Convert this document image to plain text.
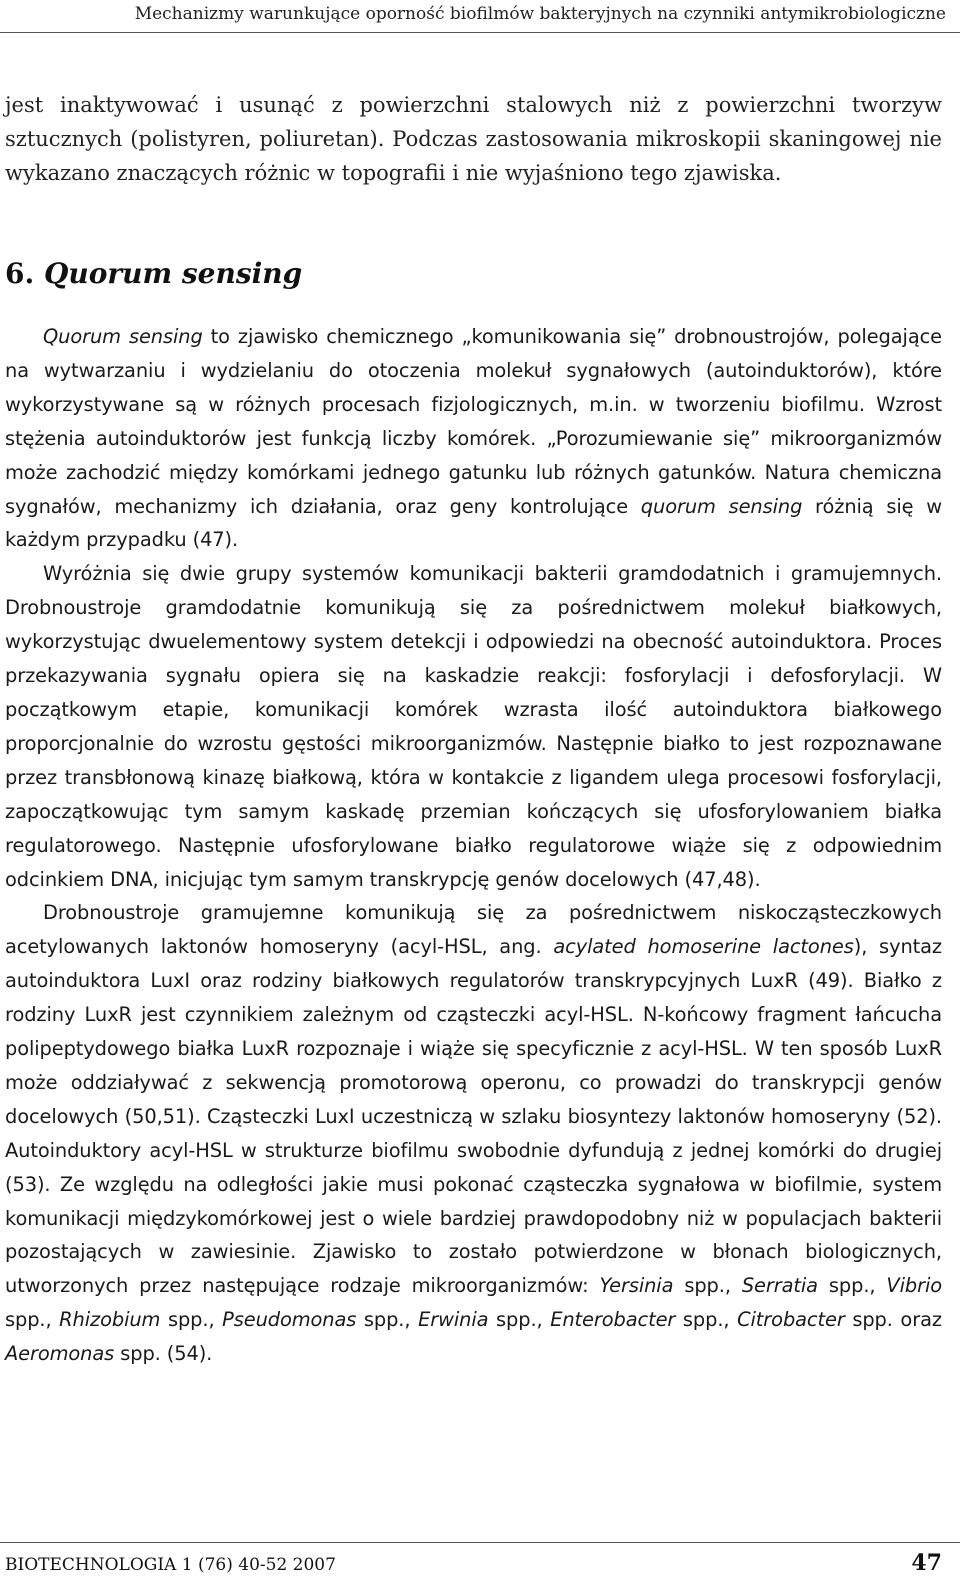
Mechanizmy warunkujące oporność biofilmów bakteryjnych na czynniki antymikrobiologiczne

jest inaktywować i usunąć z powierzchni stalowych niż z powierzchni tworzyw sztucznych (polistyren, poliuretan). Podczas zastosowania mikroskopii skaningowej nie wykazano znaczących różnic w topografii i nie wyjaśniono tego zjawiska.

6. Quorum sensing

Quorum sensing to zjawisko chemicznego „komunikowania się” drobnoustrojów, polegające na wytwarzaniu i wydzielaniu do otoczenia molekuł sygnałowych (autoinduktorów), które wykorzystywane są w różnych procesach fizjologicznych, m.in. w tworzeniu biofilmu. Wzrost stężenia autoinduktorów jest funkcją liczby komórek. „Porozumiewanie się” mikroorganizmów może zachodzić między komórkami jednego gatunku lub różnych gatunków. Natura chemiczna sygnałów, mechanizmy ich działania, oraz geny kontrolujące quorum sensing różnią się w każdym przypadku (47).

Wyróżnia się dwie grupy systemów komunikacji bakterii gramdodatnich i gramujemnych. Drobnoustroje gramdodatnie komunikują się za pośrednictwem molekuł białkowych, wykorzystując dwuelementowy system detekcji i odpowiedzi na obecność autoinduktora. Proces przekazywania sygnału opiera się na kaskadzie reakcji: fosforylacji i defosforylacji. W początkowym etapie, komunikacji komórek wzrasta ilość autoinduktora białkowego proporcjonalnie do wzrostu gęstości mikroorganizmów. Następnie białko to jest rozpoznawane przez transbłonową kinazę białkową, która w kontakcie z ligandem ulega procesowi fosforylacji, zapoczątkowując tym samym kaskadę przemian kończących się ufosforylowaniem białka regulatorowego. Następnie ufosforylowane białko regulatorowe wiąże się z odpowiednim odcinkiem DNA, inicjując tym samym transkrypcję genów docelowych (47,48).

Drobnoustroje gramujemne komunikują się za pośrednictwem niskocząsteczkowych acetylowanych laktonów homoseryny (acyl-HSL, ang. acylated homoserine lactones), syntaz autoinduktora LuxI oraz rodziny białkowych regulatorów transkrypcyjnych LuxR (49). Białko z rodziny LuxR jest czynnikiem zależnym od cząsteczki acyl-HSL. N-końcowy fragment łańcucha polipeptydowego białka LuxR rozpoznaje i wiąże się specyficznie z acyl-HSL. W ten sposób LuxR może oddziaływać z sekwencją promotorową operonu, co prowadzi do transkrypcji genów docelowych (50,51). Cząsteczki LuxI uczestniczą w szlaku biosyntezy laktonów homoseryny (52). Autoinduktory acyl-HSL w strukturze biofilmu swobodnie dyfundują z jednej komórki do drugiej (53). Ze względu na odległości jakie musi pokonać cząsteczka sygnałowa w biofilmie, system komunikacji międzykomórkowej jest o wiele bardziej prawdopodobny niż w populacjach bakterii pozostających w zawiesinie. Zjawisko to zostało potwierdzone w błonach biologicznych, utworzonych przez następujące rodzaje mikroorganizmów: Yersinia spp., Serratia spp., Vibrio spp., Rhizobium spp., Pseudomonas spp., Erwinia spp., Enterobacter spp., Citrobacter spp. oraz Aeromonas spp. (54).

BIOTECHNOLOGIA 1 (76) 40-52 2007	47
